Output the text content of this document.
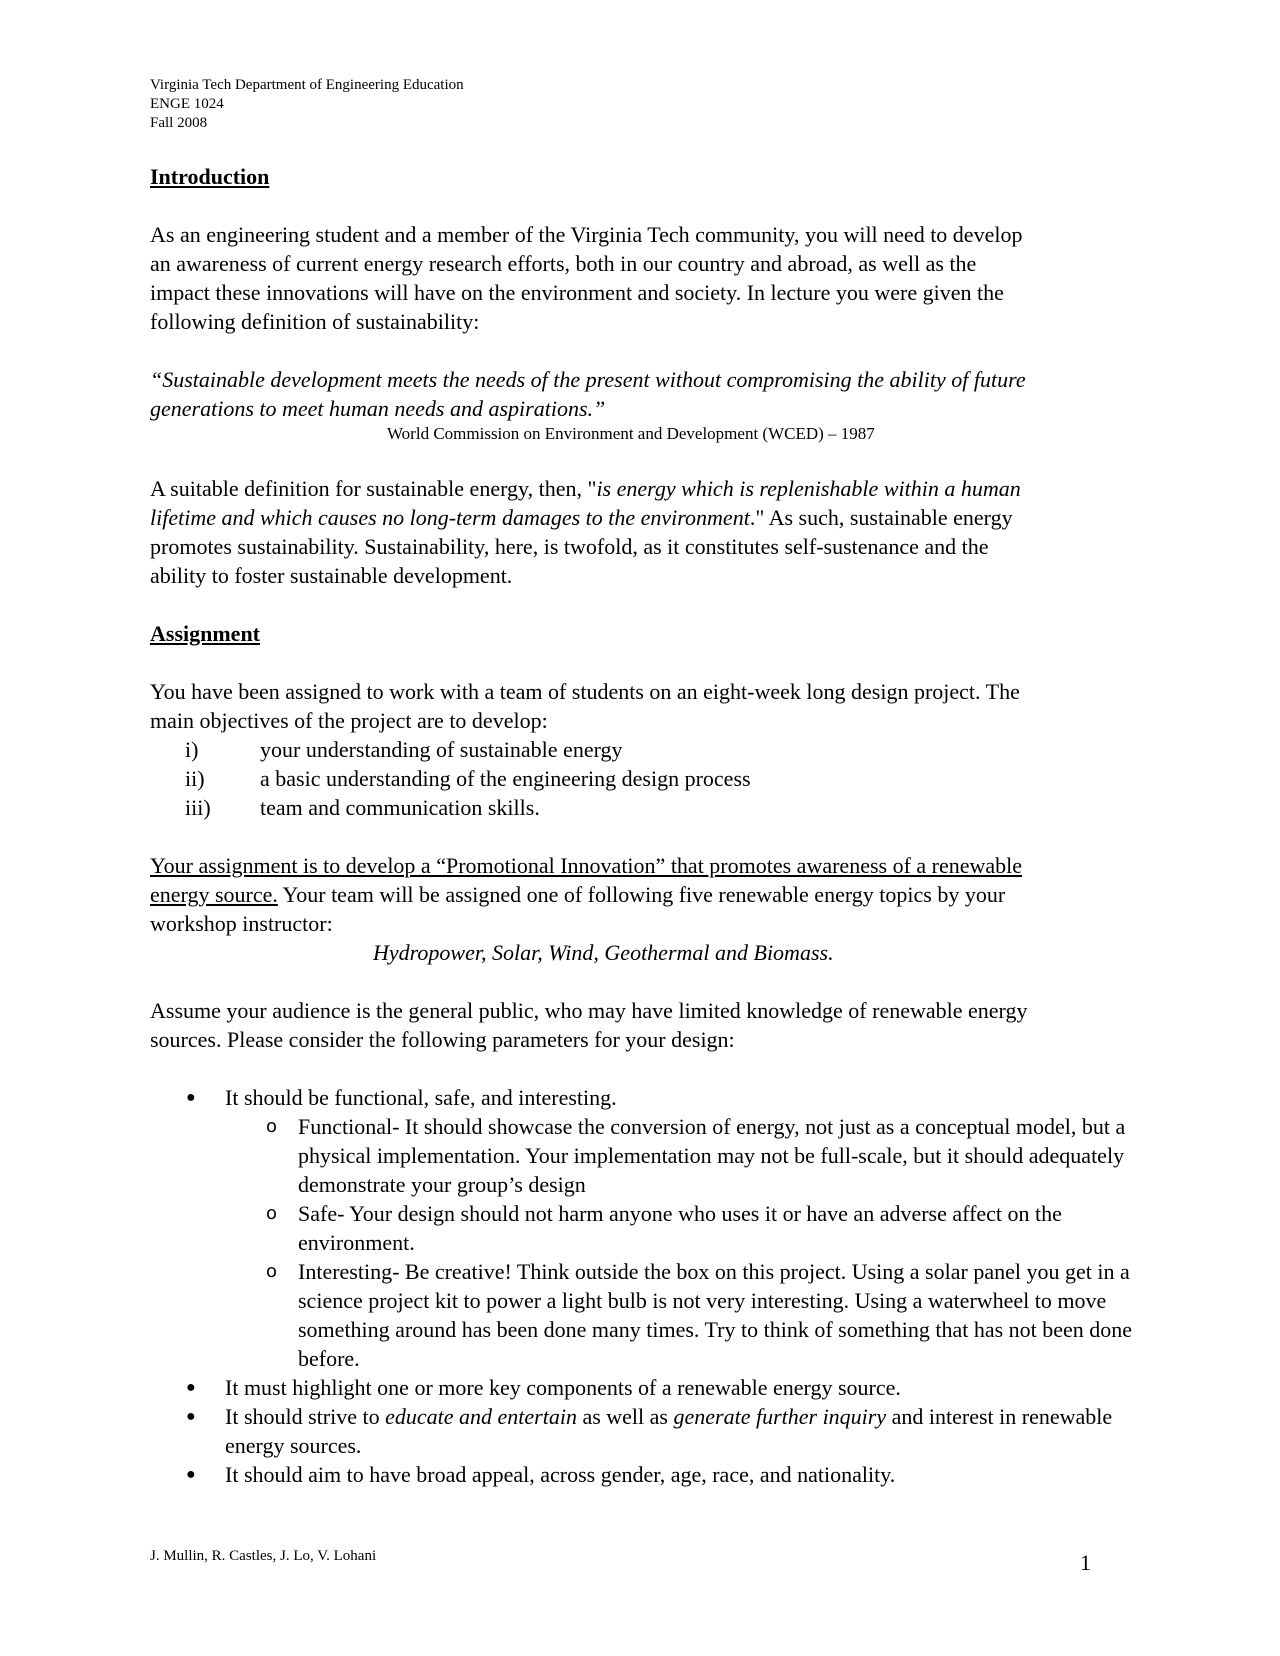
Virginia Tech Department of Engineering Education
ENGE 1024
Fall 2008

Introduction

As an engineering student and a member of the Virginia Tech community, you will need to develop an awareness of current energy research efforts, both in our country and abroad, as well as the impact these innovations will have on the environment and society. In lecture you were given the following definition of sustainability:

“Sustainable development meets the needs of the present without compromising the ability of future generations to meet human needs and aspirations.”

World Commission on Environment and Development (WCED) – 1987

A suitable definition for sustainable energy, then, "is energy which is replenishable within a human lifetime and which causes no long-term damages to the environment." As such, sustainable energy promotes sustainability. Sustainability, here, is twofold, as it constitutes self-sustenance and the ability to foster sustainable development.

Assignment

You have been assigned to work with a team of students on an eight-week long design project. The main objectives of the project are to develop:

i)	your understanding of sustainable energy
ii)	a basic understanding of the engineering design process
iii)	team and communication skills.

Your assignment is to develop a “Promotional Innovation” that promotes awareness of a renewable energy source. Your team will be assigned one of following five renewable energy topics by your workshop instructor:

Hydropower, Solar, Wind, Geothermal and Biomass.

Assume your audience is the general public, who may have limited knowledge of renewable energy sources. Please consider the following parameters for your design:

●	It should be functional, safe, and interesting.
o Functional- It should showcase the conversion of energy, not just as a conceptual model, but a physical implementation. Your implementation may not be full-scale, but it should adequately demonstrate your group’s design
o Safe- Your design should not harm anyone who uses it or have an adverse affect on the environment.
o Interesting- Be creative! Think outside the box on this project. Using a solar panel you get in a science project kit to power a light bulb is not very interesting. Using a waterwheel to move something around has been done many times. Try to think of something that has not been done before.
●	It must highlight one or more key components of a renewable energy source.
●	It should strive to educate and entertain as well as generate further inquiry and interest in renewable energy sources.
●	It should aim to have broad appeal, across gender, age, race, and nationality.
J. Mullin, R. Castles, J. Lo, V. Lohani	1
